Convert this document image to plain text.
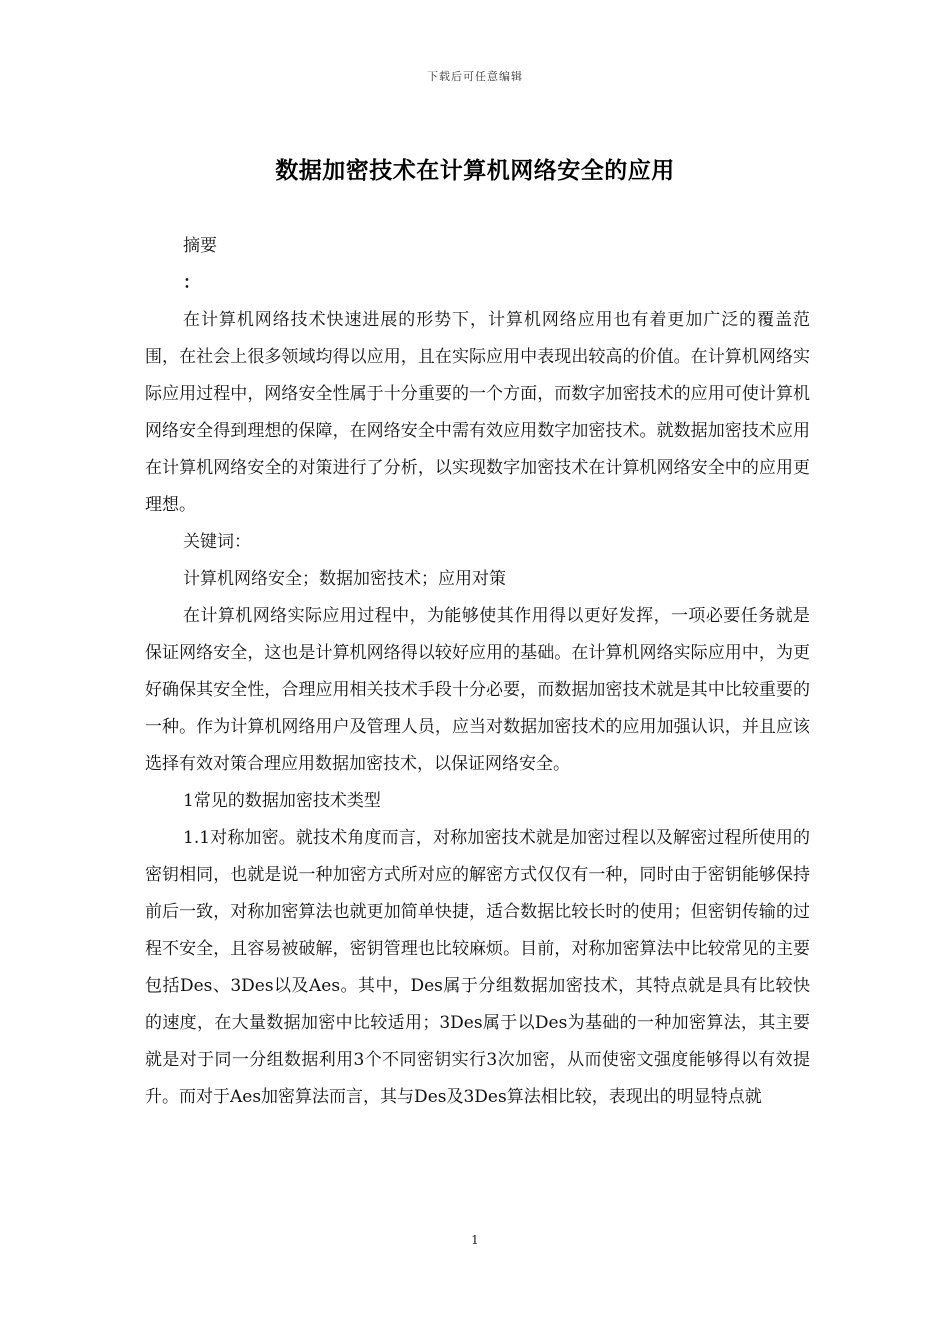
下载后可任意编辑
数据加密技术在计算机网络安全的应用

摘要

：

在计算机网络技术快速进展的形势下，计算机网络应用也有着更加广泛的覆盖范围，在社会上很多领域均得以应用，且在实际应用中表现出较高的价值。在计算机网络实际应用过程中，网络安全性属于十分重要的一个方面，而数字加密技术的应用可使计算机网络安全得到理想的保障，在网络安全中需有效应用数字加密技术。就数据加密技术应用在计算机网络安全的对策进行了分析，以实现数字加密技术在计算机网络安全中的应用更理想。

关键词：

计算机网络安全；数据加密技术；应用对策

在计算机网络实际应用过程中，为能够使其作用得以更好发挥，一项必要任务就是保证网络安全，这也是计算机网络得以较好应用的基础。在计算机网络实际应用中，为更好确保其安全性，合理应用相关技术手段十分必要，而数据加密技术就是其中比较重要的一种。作为计算机网络用户及管理人员，应当对数据加密技术的应用加强认识，并且应该选择有效对策合理应用数据加密技术，以保证网络安全。

1常见的数据加密技术类型

1.1对称加密。就技术角度而言，对称加密技术就是加密过程以及解密过程所使用的密钥相同，也就是说一种加密方式所对应的解密方式仅仅有一种，同时由于密钥能够保持前后一致，对称加密算法也就更加简单快捷，适合数据比较长时的使用；但密钥传输的过程不安全，且容易被破解，密钥管理也比较麻烦。目前，对称加密算法中比较常见的主要包括Des、3Des以及Aes。其中，Des属于分组数据加密技术，其特点就是具有比较快的速度，在大量数据加密中比较适用；3Des属于以Des为基础的一种加密算法，其主要就是对于同一分组数据利用3个不同密钥实行3次加密，从而使密文强度能够得以有效提升。而对于Aes加密算法而言，其与Des及3Des算法相比较，表现出的明显特点就

1
